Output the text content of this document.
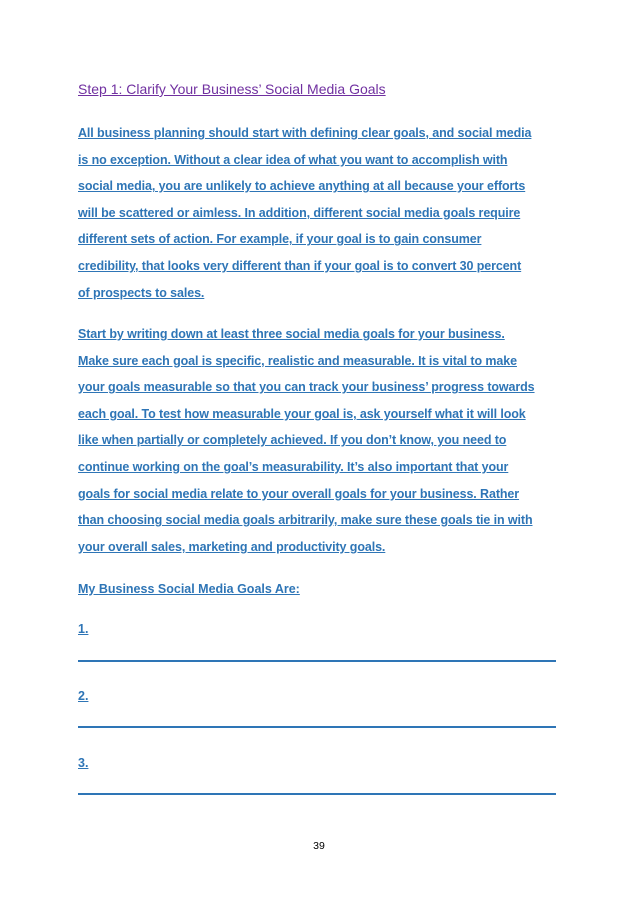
Step 1: Clarify Your Business’ Social Media Goals

All business planning should start with defining clear goals, and social media
is no exception. Without a clear idea of what you want to accomplish with
social media, you are unlikely to achieve anything at all because your efforts
will be scattered or aimless. In addition, different social media goals require
different sets of action. For example, if your goal is to gain consumer
credibility, that looks very different than if your goal is to convert 30 percent
of prospects to sales.

Start by writing down at least three social media goals for your business.
Make sure each goal is specific, realistic and measurable. It is vital to make
your goals measurable so that you can track your business’ progress towards
each goal. To test how measurable your goal is, ask yourself what it will look
like when partially or completely achieved. If you don’t know, you need to
continue working on the goal’s measurability. It’s also important that your
goals for social media relate to your overall goals for your business. Rather
than choosing social media goals arbitrarily, make sure these goals tie in with
your overall sales, marketing and productivity goals.

My Business Social Media Goals Are:
1.
2.
3.
39
